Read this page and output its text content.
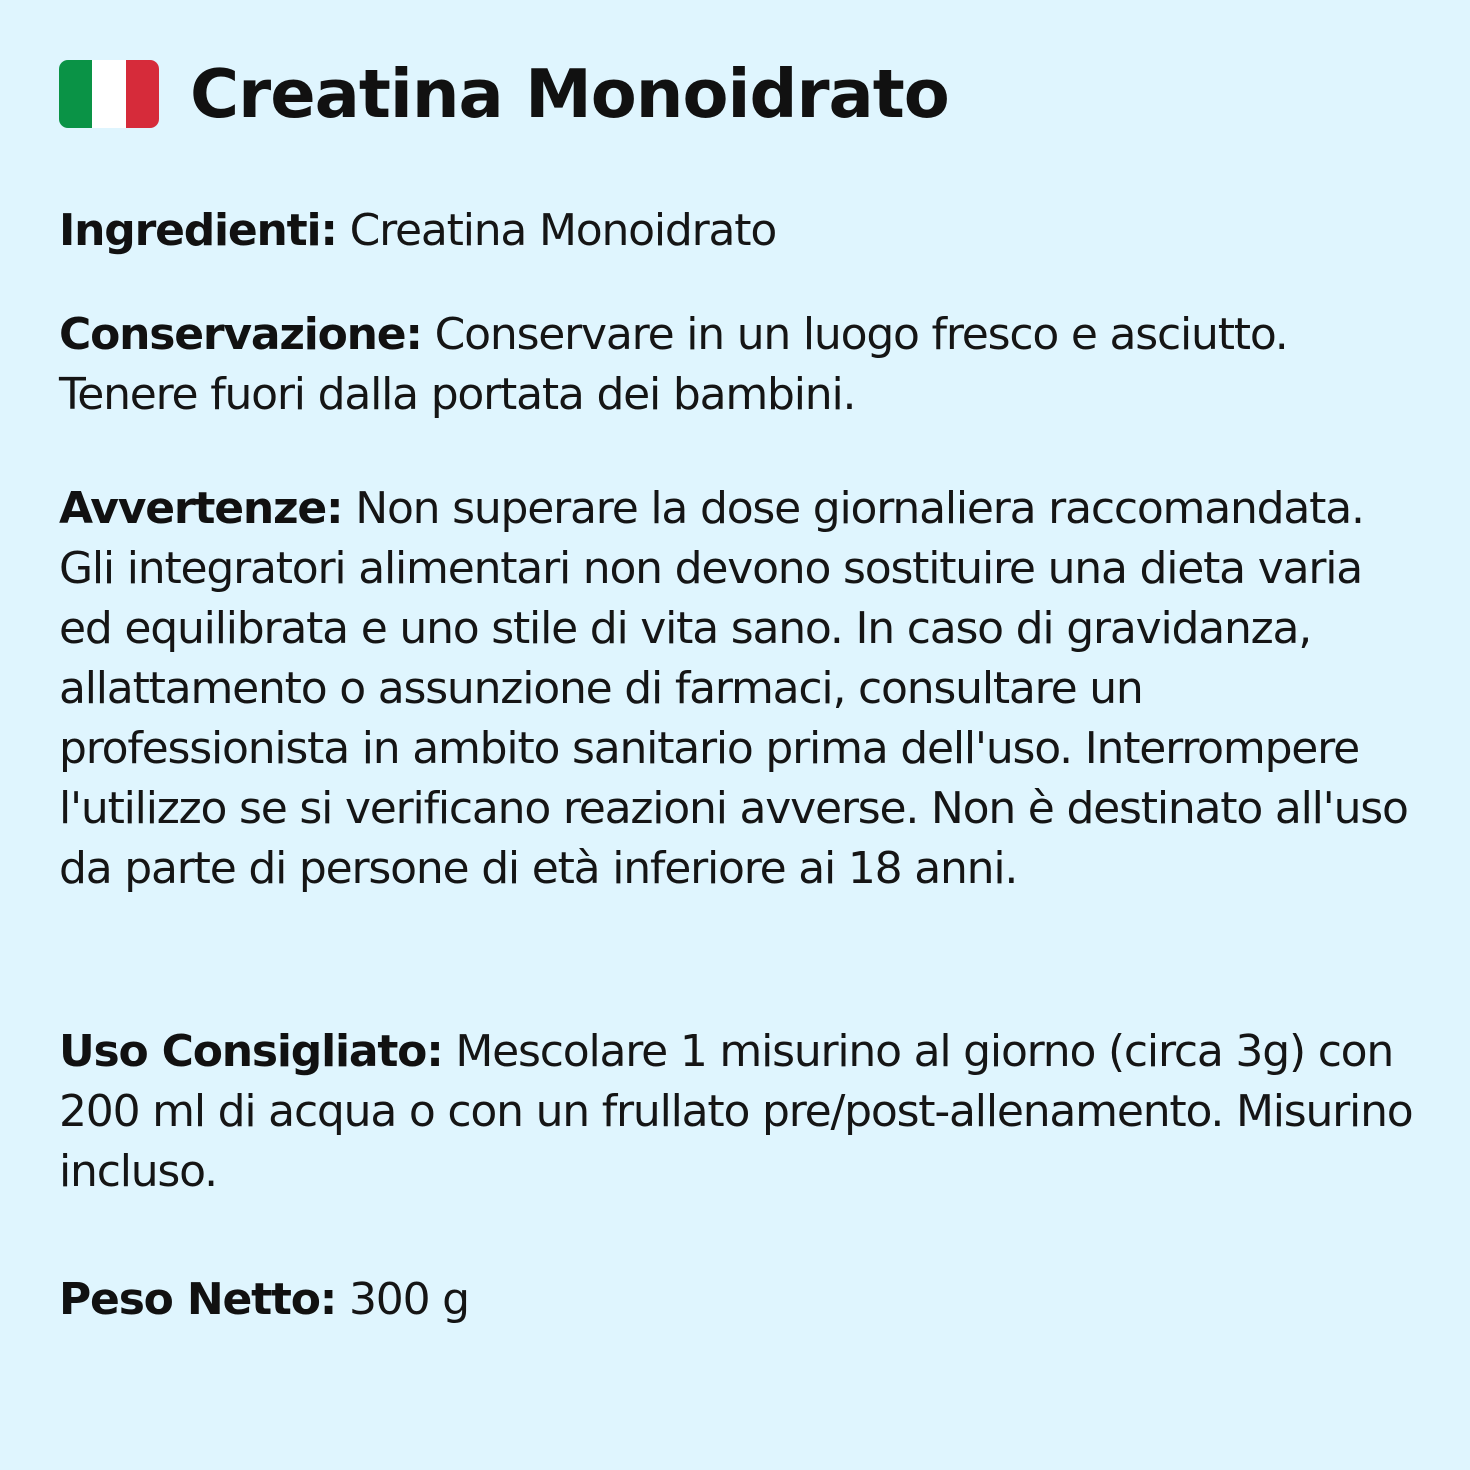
Creatina Monoidrato
Ingredienti: Creatina Monoidrato
Conservazione: Conservare in un luogo fresco e asciutto. Tenere fuori dalla portata dei bambini.
Avvertenze: Non superare la dose giornaliera raccomandata. Gli integratori alimentari non devono sostituire una dieta varia ed equilibrata e uno stile di vita sano. In caso di gravidanza, allattamento o assunzione di farmaci, consultare un professionista in ambito sanitario prima dell'uso. Interrompere l'utilizzo se si verificano reazioni avverse. Non è destinato all'uso da parte di persone di età inferiore ai 18 anni.
Uso Consigliato: Mescolare 1 misurino al giorno (circa 3g) con 200 ml di acqua o con un frullato pre/post-allenamento. Misurino incluso.
Peso Netto: 300 g
